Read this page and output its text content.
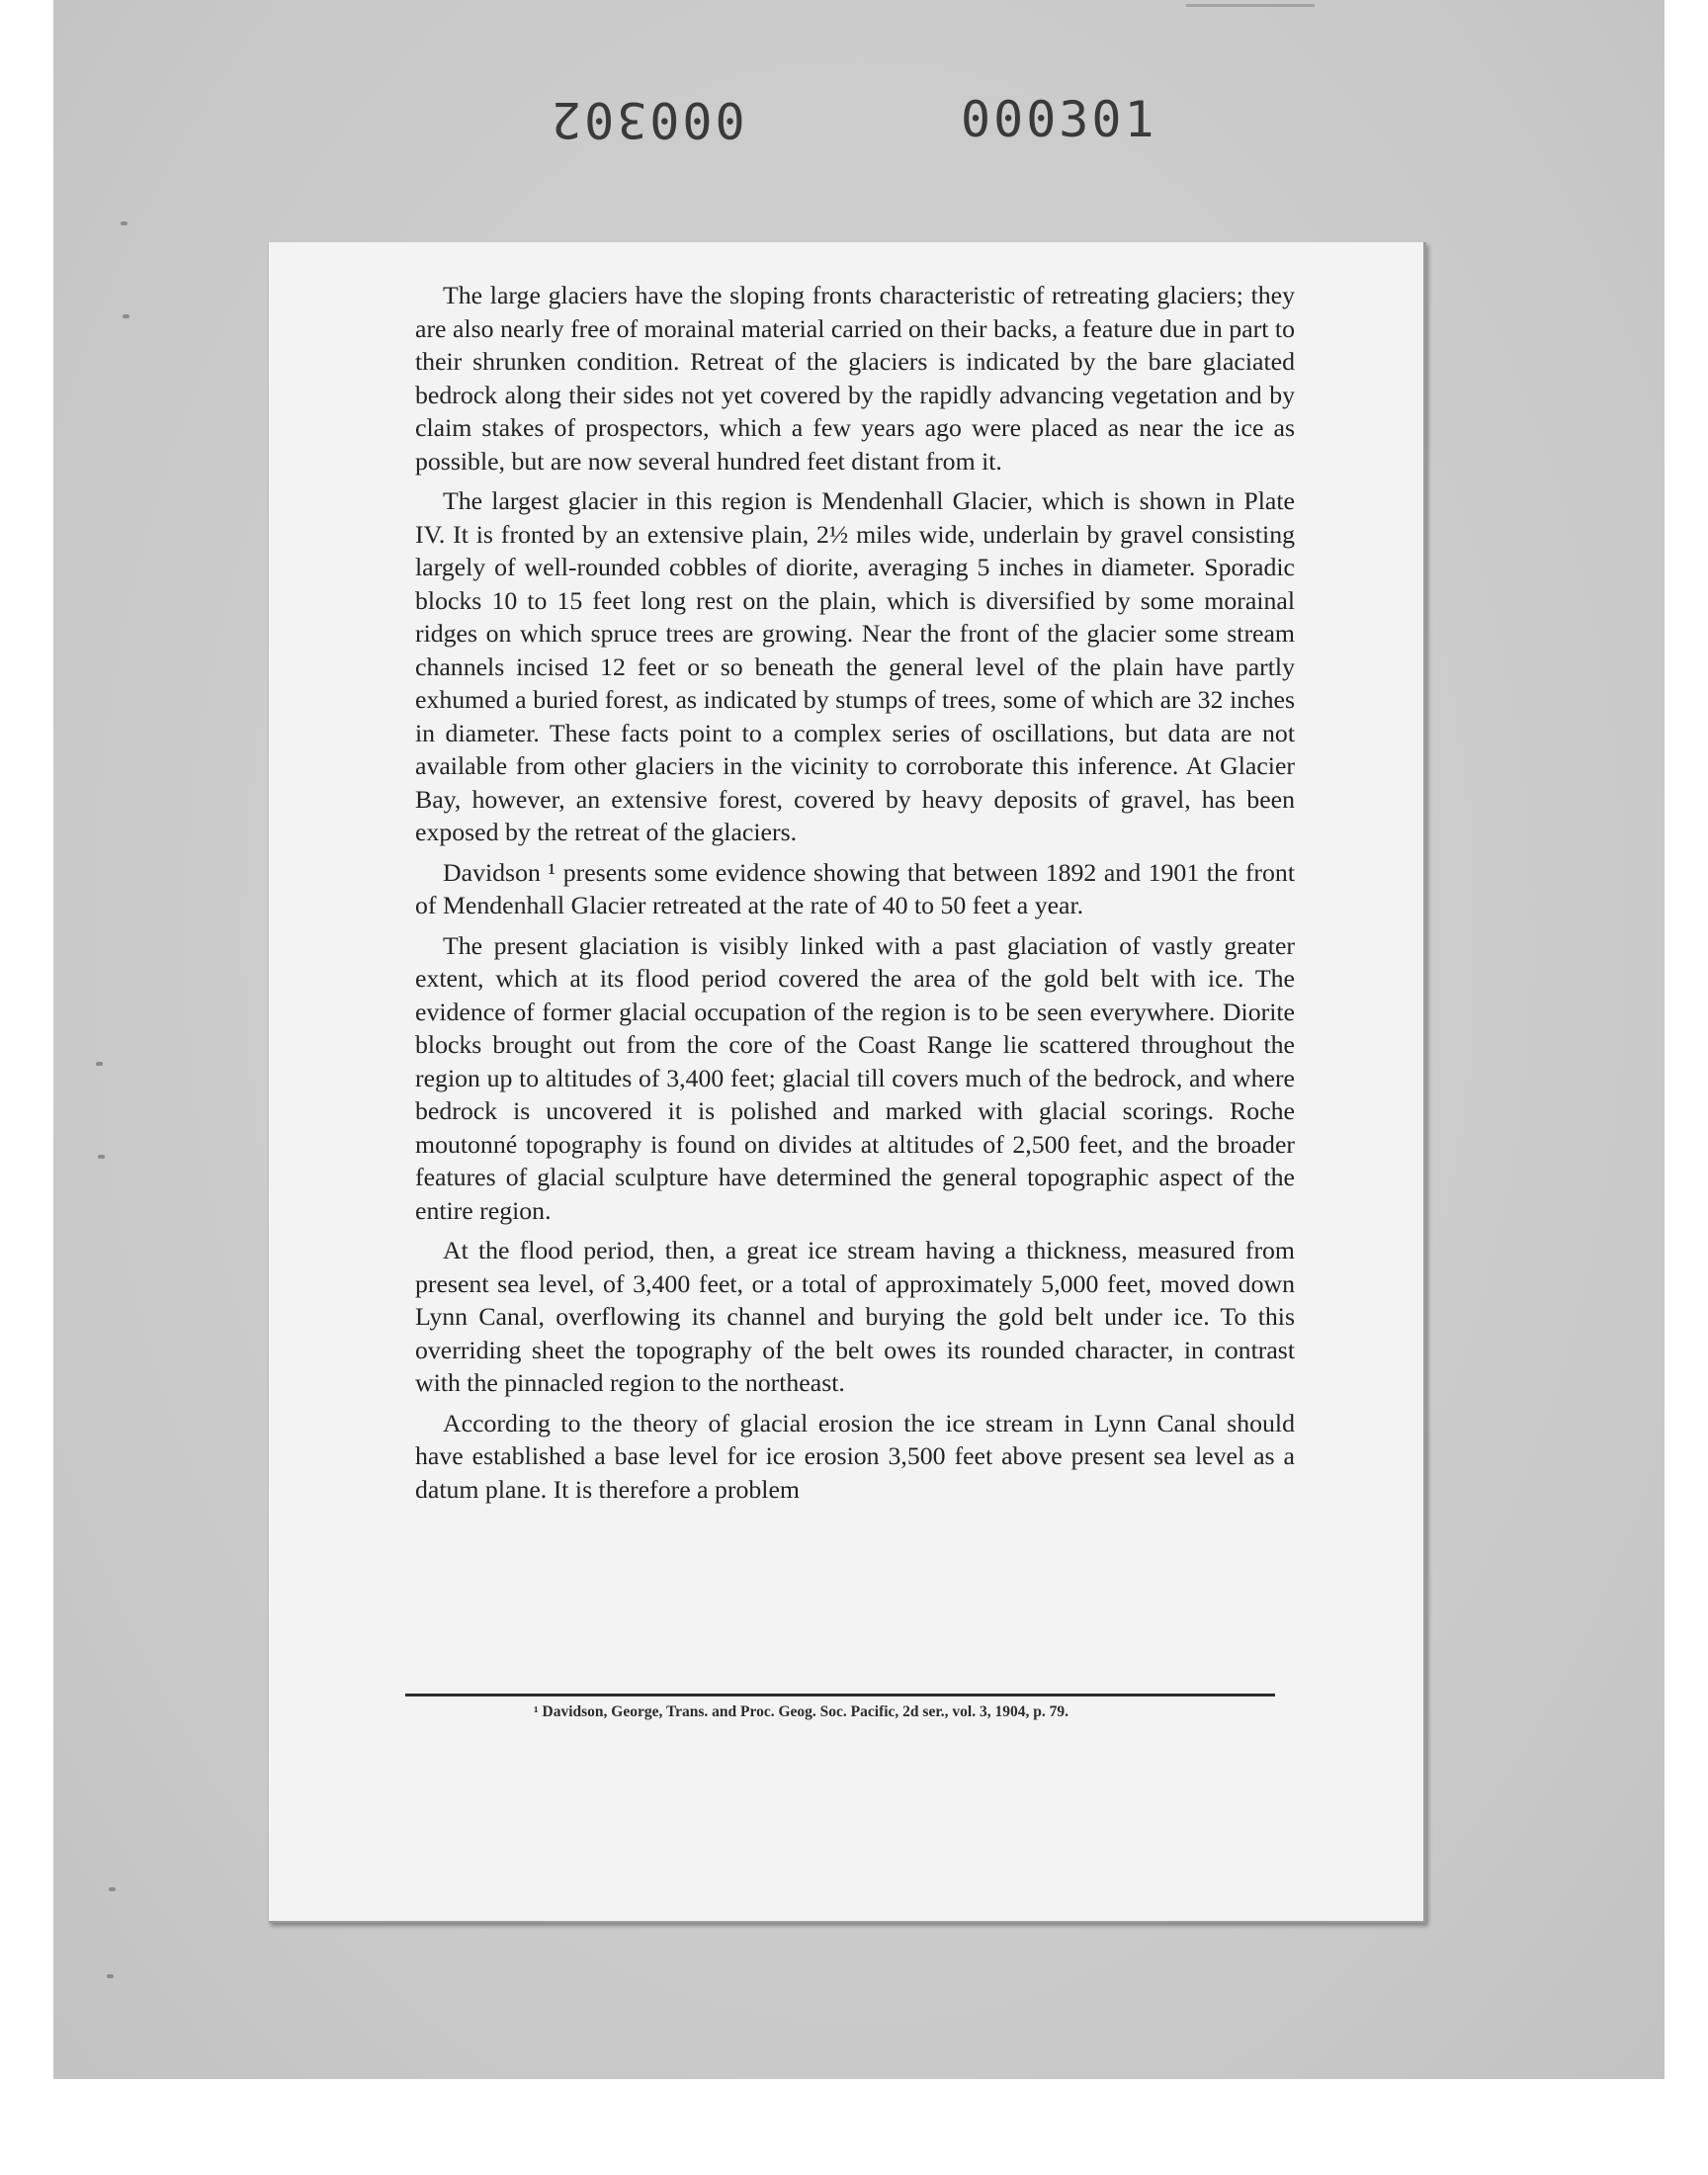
000302	000301

The large glaciers have the sloping fronts characteristic of retreating glaciers; they are also nearly free of morainal material carried on their backs, a feature due in part to their shrunken condition. Retreat of the glaciers is indicated by the bare glaciated bedrock along their sides not yet covered by the rapidly advancing vegetation and by claim stakes of prospectors, which a few years ago were placed as near the ice as possible, but are now several hundred feet distant from it.

The largest glacier in this region is Mendenhall Glacier, which is shown in Plate IV. It is fronted by an extensive plain, 2½ miles wide, underlain by gravel consisting largely of well-rounded cobbles of diorite, averaging 5 inches in diameter. Sporadic blocks 10 to 15 feet long rest on the plain, which is diversified by some morainal ridges on which spruce trees are growing. Near the front of the glacier some stream channels incised 12 feet or so beneath the general level of the plain have partly exhumed a buried forest, as indicated by stumps of trees, some of which are 32 inches in diameter. These facts point to a complex series of oscillations, but data are not available from other glaciers in the vicinity to corroborate this inference. At Glacier Bay, however, an extensive forest, covered by heavy deposits of gravel, has been exposed by the retreat of the glaciers.

Davidson ¹ presents some evidence showing that between 1892 and 1901 the front of Mendenhall Glacier retreated at the rate of 40 to 50 feet a year.

The present glaciation is visibly linked with a past glaciation of vastly greater extent, which at its flood period covered the area of the gold belt with ice. The evidence of former glacial occupation of the region is to be seen everywhere. Diorite blocks brought out from the core of the Coast Range lie scattered throughout the region up to altitudes of 3,400 feet; glacial till covers much of the bedrock, and where bedrock is uncovered it is polished and marked with glacial scorings. Roche moutonné topography is found on divides at altitudes of 2,500 feet, and the broader features of glacial sculpture have determined the general topographic aspect of the entire region.

At the flood period, then, a great ice stream having a thickness, measured from present sea level, of 3,400 feet, or a total of approximately 5,000 feet, moved down Lynn Canal, overflowing its channel and burying the gold belt under ice. To this overriding sheet the topography of the belt owes its rounded character, in contrast with the pinnacled region to the northeast.

According to the theory of glacial erosion the ice stream in Lynn Canal should have established a base level for ice erosion 3,500 feet above present sea level as a datum plane. It is therefore a problem

¹ Davidson, George, Trans. and Proc. Geog. Soc. Pacific, 2d ser., vol. 3, 1904, p. 79.
